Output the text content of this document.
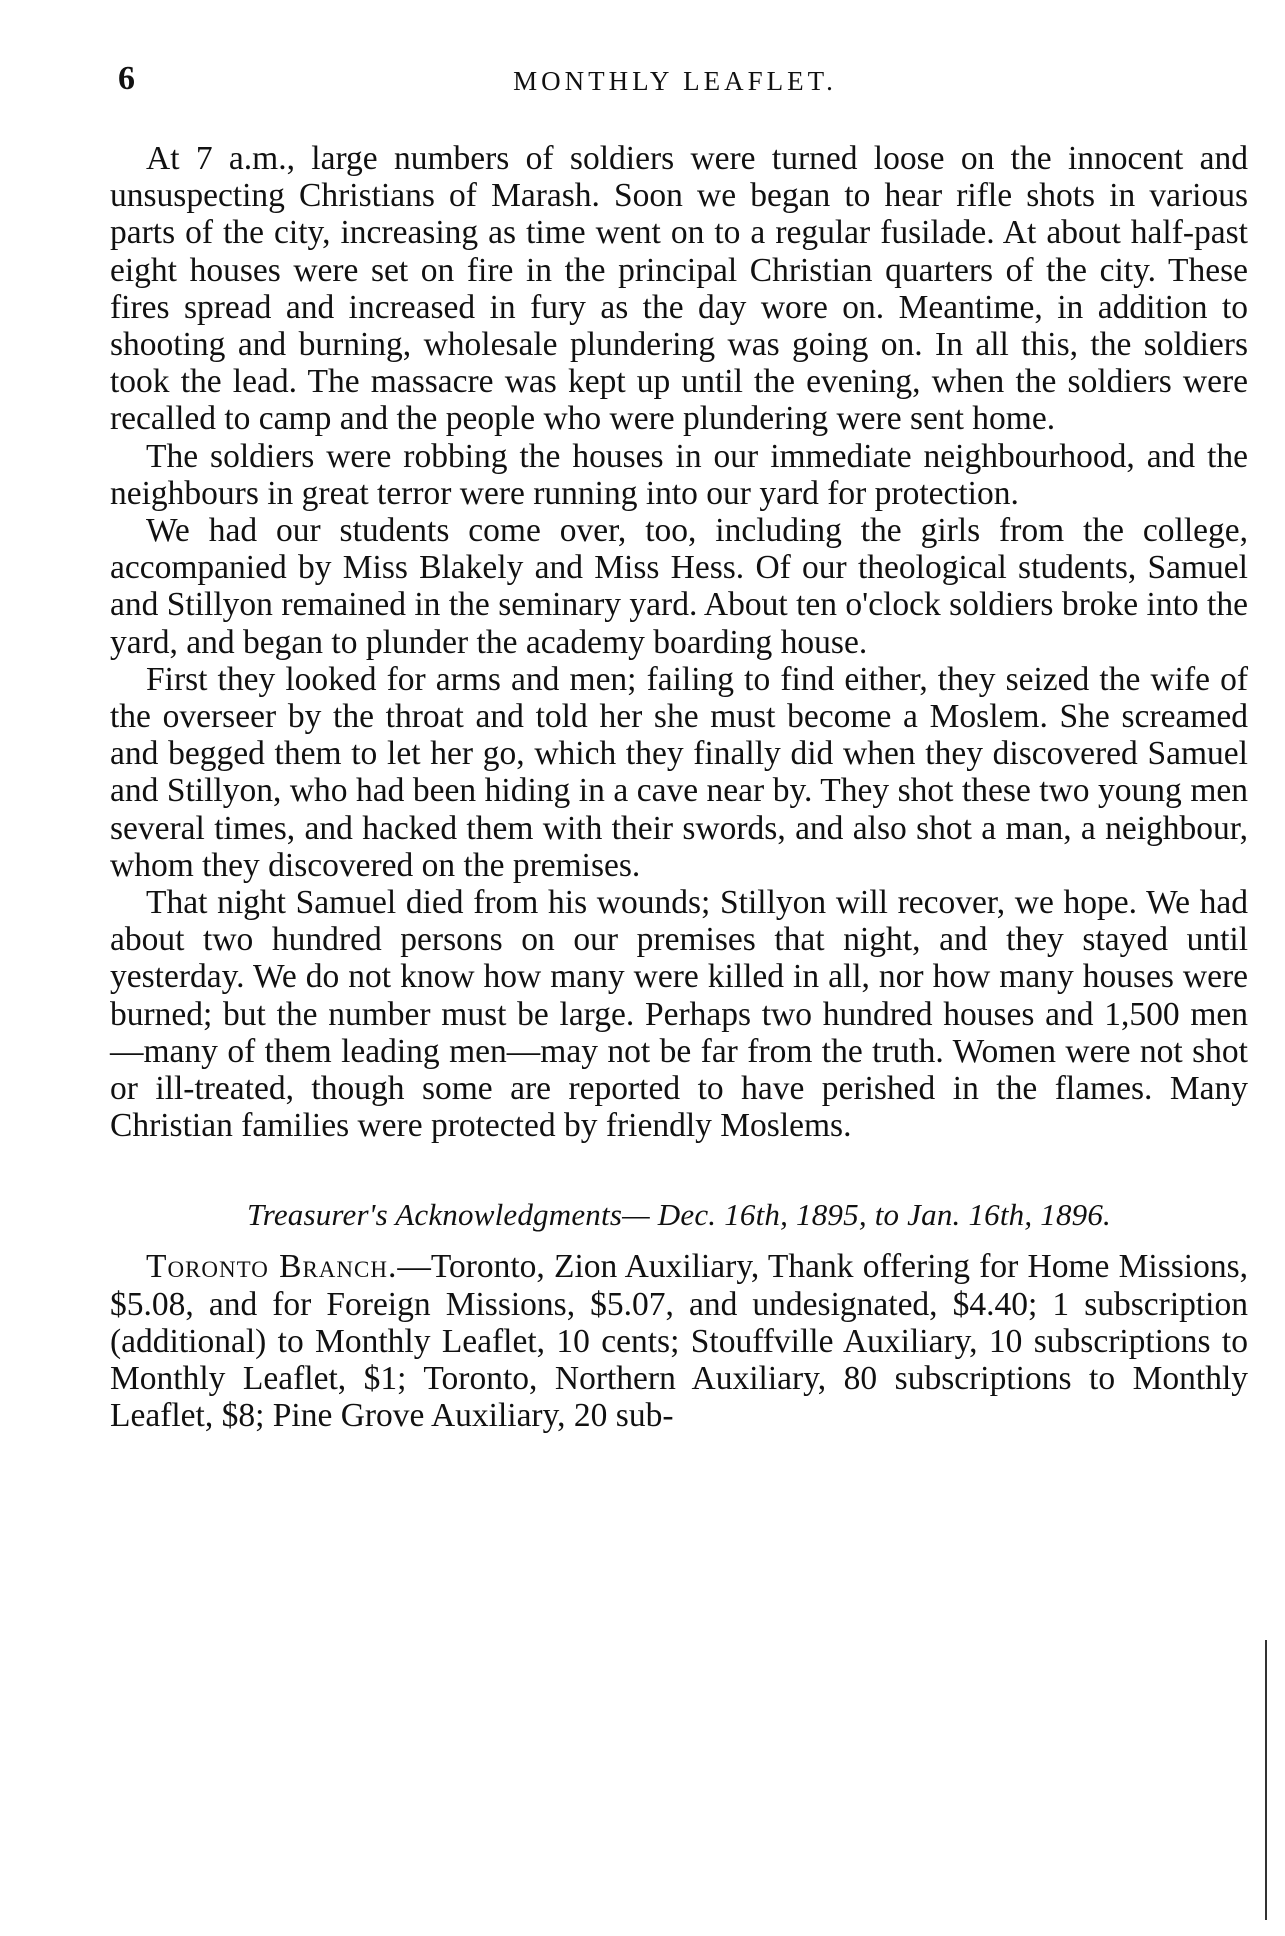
6	MONTHLY LEAFLET.

At 7 a.m., large numbers of soldiers were turned loose on the innocent and unsuspecting Christians of Marash. Soon we began to hear rifle shots in various parts of the city, increasing as time went on to a regular fusilade. At about half-past eight houses were set on fire in the principal Christian quarters of the city. These fires spread and increased in fury as the day wore on. Meantime, in addition to shooting and burning, wholesale plundering was going on. In all this, the soldiers took the lead. The massacre was kept up until the evening, when the soldiers were recalled to camp and the people who were plundering were sent home.

The soldiers were robbing the houses in our immediate neighbourhood, and the neighbours in great terror were running into our yard for protection.

We had our students come over, too, including the girls from the college, accompanied by Miss Blakely and Miss Hess. Of our theological students, Samuel and Stillyon remained in the seminary yard. About ten o'clock soldiers broke into the yard, and began to plunder the academy boarding house.

First they looked for arms and men; failing to find either, they seized the wife of the overseer by the throat and told her she must become a Moslem. She screamed and begged them to let her go, which they finally did when they discovered Samuel and Stillyon, who had been hiding in a cave near by. They shot these two young men several times, and hacked them with their swords, and also shot a man, a neighbour, whom they discovered on the premises.

That night Samuel died from his wounds; Stillyon will recover, we hope. We had about two hundred persons on our premises that night, and they stayed until yesterday. We do not know how many were killed in all, nor how many houses were burned; but the number must be large. Perhaps two hundred houses and 1,500 men—many of them leading men—may not be far from the truth. Women were not shot or ill-treated, though some are reported to have perished in the flames. Many Christian families were protected by friendly Moslems.

Treasurer's Acknowledgments— Dec. 16th, 1895, to Jan. 16th, 1896.

Toronto Branch.—Toronto, Zion Auxiliary, Thank offering for Home Missions, $5.08, and for Foreign Missions, $5.07, and undesignated, $4.40; 1 subscription (additional) to Monthly Leaflet, 10 cents; Stouffville Auxiliary, 10 subscriptions to Monthly Leaflet, $1; Toronto, Northern Auxiliary, 80 subscriptions to Monthly Leaflet, $8; Pine Grove Auxiliary, 20 sub-
